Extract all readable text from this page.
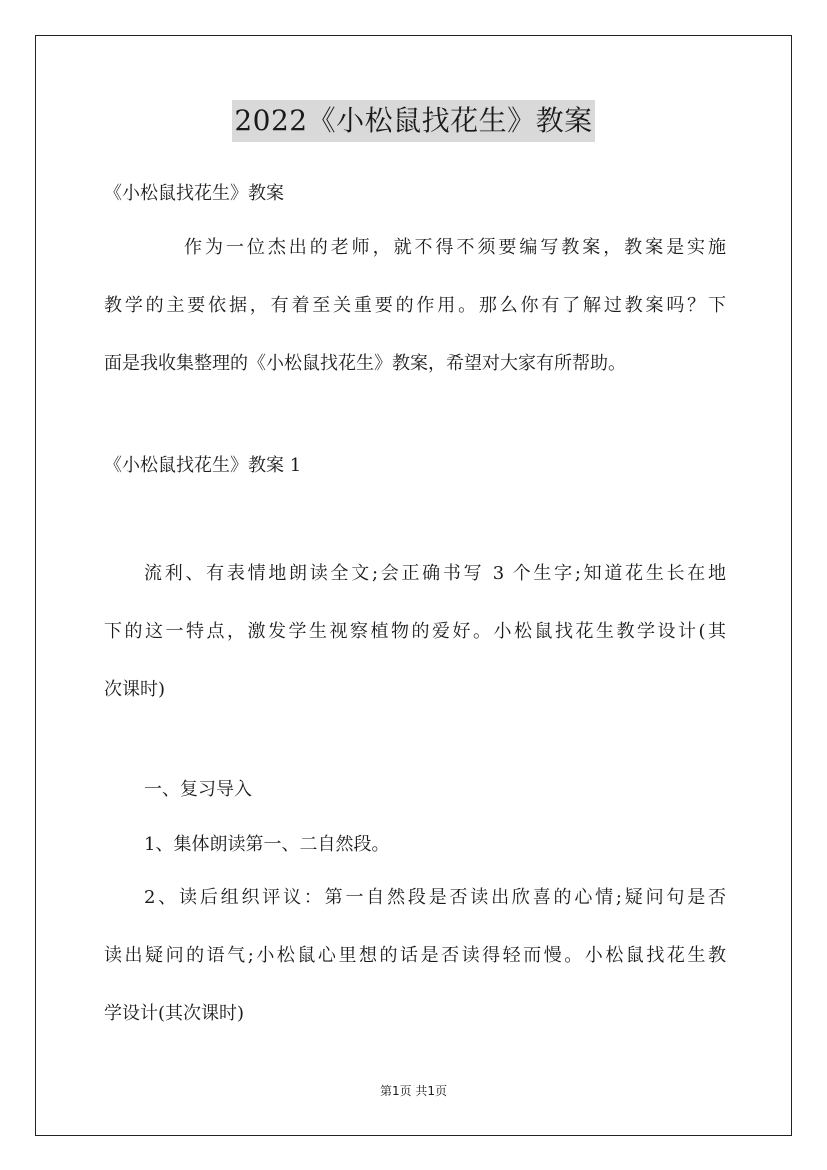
2022《小松鼠找花生》教案

《小松鼠找花生》教案

作为一位杰出的老师，就不得不须要编写教案，教案是实施
教学的主要依据，有着至关重要的作用。那么你有了解过教案吗？下
面是我收集整理的《小松鼠找花生》教案，希望对大家有所帮助。

《小松鼠找花生》教案 1

流利、有表情地朗读全文;会正确书写 3 个生字;知道花生长在地
下的这一特点，激发学生视察植物的爱好。小松鼠找花生教学设计(其
次课时)

一、复习导入

1、集体朗读第一、二自然段。

2、读后组织评议：第一自然段是否读出欣喜的心情;疑问句是否
读出疑问的语气;小松鼠心里想的话是否读得轻而慢。小松鼠找花生教
学设计(其次课时)
第1页 共1页
